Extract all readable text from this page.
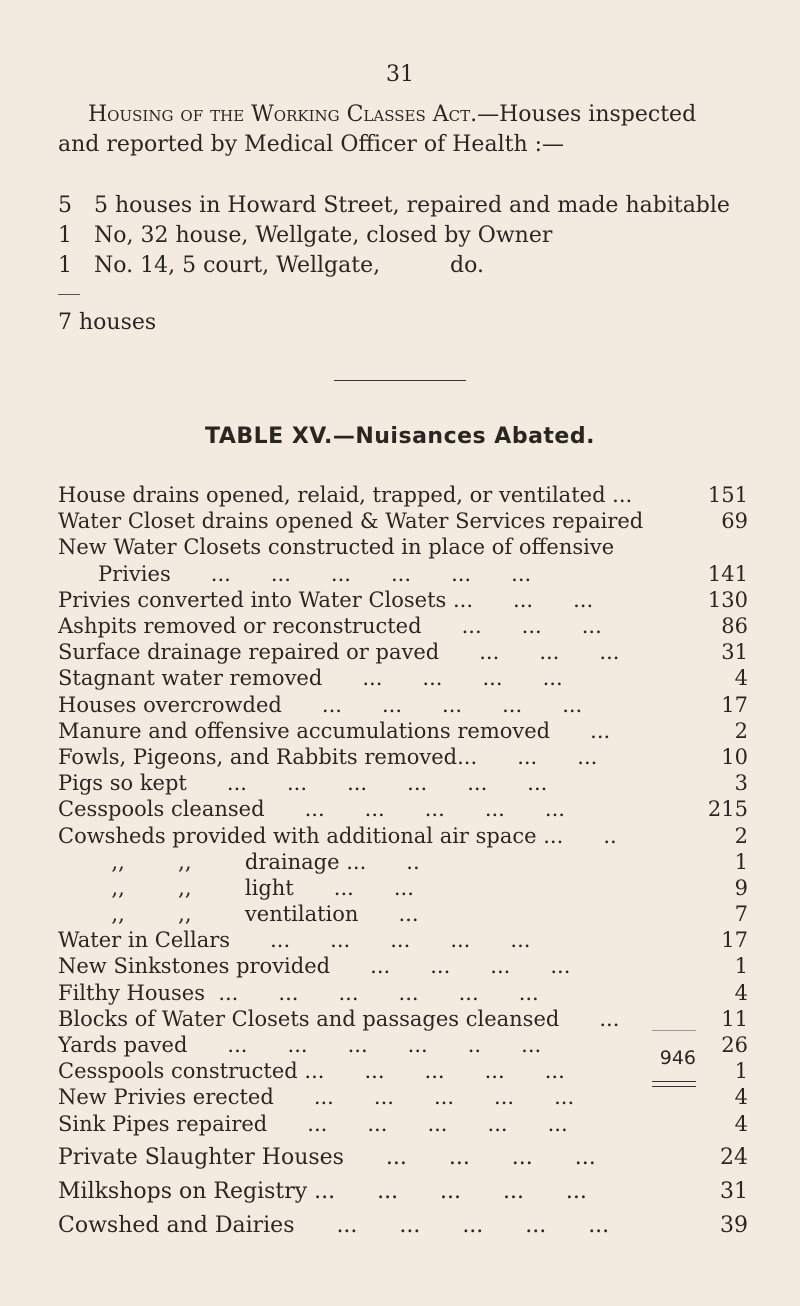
31
Housing of the Working Classes Act.—Houses inspected
and reported by Medical Officer of Health :—
5	5 houses in Howard Street, repaired and made habitable
1	No, 32 house, Wellgate, closed by Owner
1	No. 14, 5 court, Wellgate,          do.
7 houses
TABLE XV.—Nuisances Abated.
House drains opened, relaid, trapped, or ventilated ...	151
Water Closet drains opened & Water Services repaired	69
New Water Closets constructed in place of offensive
Privies      ...      ...      ...      ...      ...      ...	141
Privies converted into Water Closets ...      ...      ...	130
Ashpits removed or reconstructed      ...      ...      ...	86
Surface drainage repaired or paved      ...      ...      ...	31
Stagnant water removed      ...      ...      ...      ...	4
Houses overcrowded      ...      ...      ...      ...      ...	17
Manure and offensive accumulations removed      ...	2
Fowls, Pigeons, and Rabbits removed...      ...      ...	10
Pigs so kept      ...      ...      ...      ...      ...      ...	3
Cesspools cleansed      ...      ...      ...      ...      ...	215
Cowsheds provided with additional air space ...      ..	2
,,        ,,        drainage ...      ..	1
,,        ,,        light      ...      ...	9
,,        ,,        ventilation      ...	7
Water in Cellars      ...      ...      ...      ...      ...	17
New Sinkstones provided      ...      ...      ...      ...	1
Filthy Houses  ...      ...      ...      ...      ...      ...	4
Blocks of Water Closets and passages cleansed      ...	11
Yards paved      ...      ...      ...      ...      ..      ...	26
Cesspools constructed ...      ...      ...      ...      ...	1
New Privies erected      ...      ...      ...      ...      ...	4
Sink Pipes repaired      ...      ...      ...      ...      ...	4
946
Private Slaughter Houses      ...      ...      ...      ...	24
Milkshops on Registry ...      ...      ...      ...      ...	31
Cowshed and Dairies      ...      ...      ...      ...      ...	39
